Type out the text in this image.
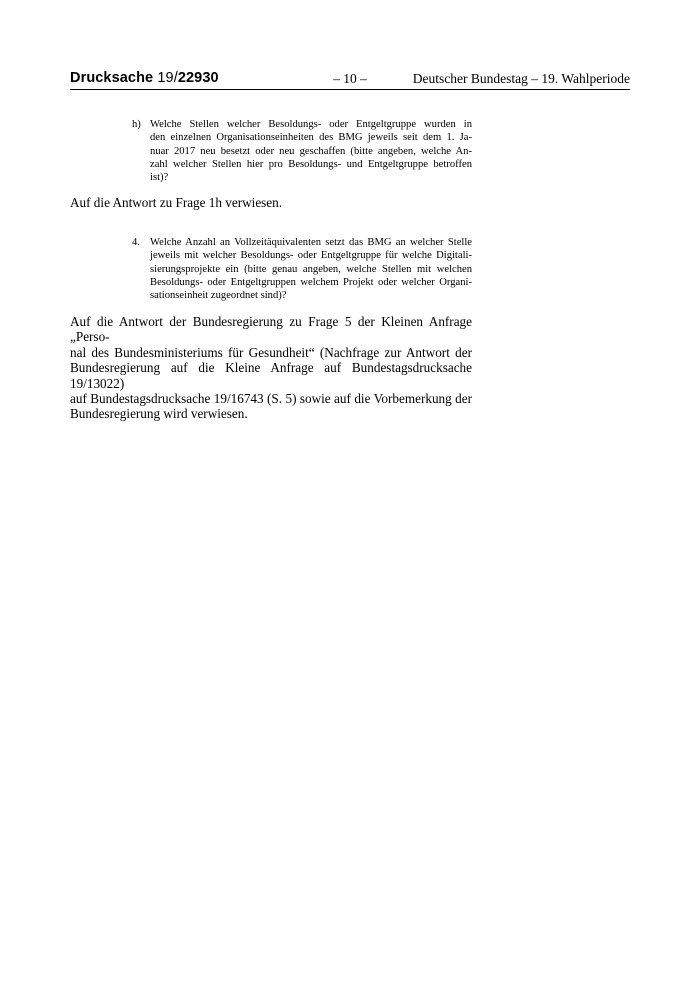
Drucksache 19/22930	– 10 –	Deutscher Bundestag – 19. Wahlperiode
h) Welche Stellen welcher Besoldungs- oder Entgeltgruppe wurden in
den einzelnen Organisationseinheiten des BMG jeweils seit dem 1. Ja-
nuar 2017 neu besetzt oder neu geschaffen (bitte angeben, welche An-
zahl welcher Stellen hier pro Besoldungs- und Entgeltgruppe betroffen
ist)?
Auf die Antwort zu Frage 1h verwiesen.
4. Welche Anzahl an Vollzeitäquivalenten setzt das BMG an welcher Stelle
jeweils mit welcher Besoldungs- oder Entgeltgruppe für welche Digitali-
sierungsprojekte ein (bitte genau angeben, welche Stellen mit welchen
Besoldungs- oder Entgeltgruppen welchem Projekt oder welcher Organi-
sationseinheit zugeordnet sind)?
Auf die Antwort der Bundesregierung zu Frage 5 der Kleinen Anfrage „Perso-
nal des Bundesministeriums für Gesundheit“ (Nachfrage zur Antwort der
Bundesregierung auf die Kleine Anfrage auf Bundestagsdrucksache 19/13022)
auf Bundestagsdrucksache 19/16743 (S. 5) sowie auf die Vorbemerkung der
Bundesregierung wird verwiesen.
